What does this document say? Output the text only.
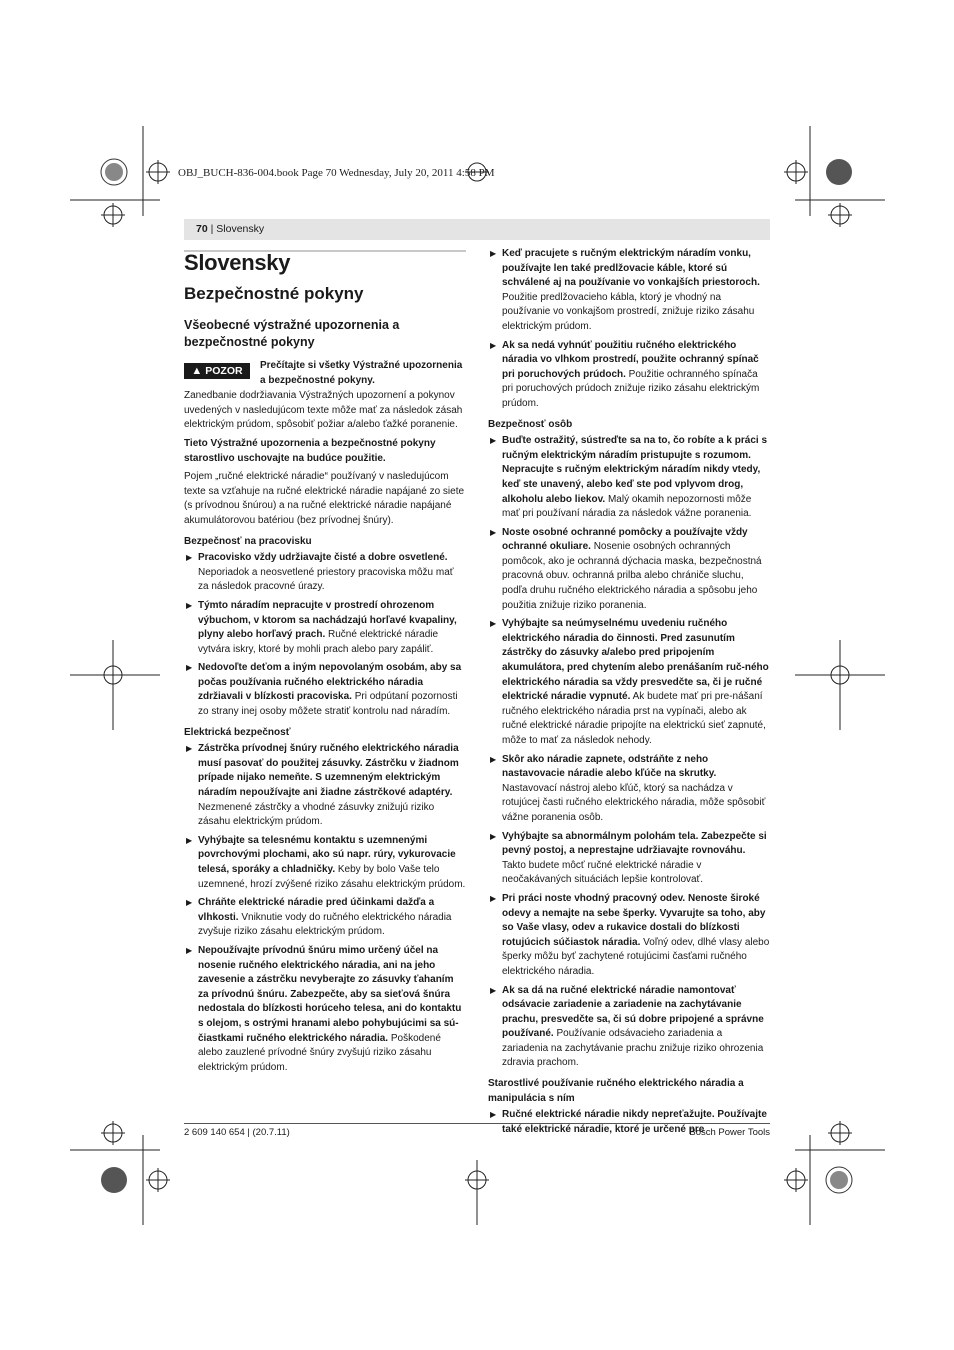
OBJ_BUCH-836-004.book Page 70 Wednesday, July 20, 2011 4:58 PM
70 | Slovensky
Slovensky
Bezpečnostné pokyny
Všeobecné výstražné upozornenia a bezpečnostné pokyny
▲ POZOR Prečítajte si všetky Výstražné upozornenia a bezpečnostné pokyny.

Zanedbanie dodržiavania Výstražných upozornení a pokynov uvedených v nasledujúcom texte môže mať za následok zásah elektrickým prúdom, spôsobiť požiar a/alebo ťažké poranenie.

Tieto Výstražné upozornenia a bezpečnostné pokyny starostlivo uschovajte na budúce použitie.

Pojem „ručné elektrické náradie“ používaný v nasledujúcom texte sa vzťahuje na ručné elektrické náradie napájané zo siete (s prívodnou šnúrou) a na ručné elektrické náradie napájané akumulátorovou batériou (bez prívodnej šnúry).

Bezpečnosť na pracovisku
▶ Pracovisko vždy udržiavajte čisté a dobre osvetlené. Neporiadok a neosvetlené priestory pracoviska môžu mať za následok pracovné úrazy.
▶ Týmto náradím nepracujte v prostredí ohrozenom výbuchom, v ktorom sa nachádzajú horľavé kvapaliny, plyny alebo horľavý prach. Ručné elektrické náradie vytvára iskry, ktoré by mohli prach alebo pary zapáliť.
▶ Nedovoľte deťom a iným nepovolaným osobám, aby sa počas používania ručného elektrického náradia zdržiavali v blízkosti pracoviska. Pri odpútaní pozornosti zo strany inej osoby môžete stratiť kontrolu nad náradím.
Elektrická bezpečnosť
▶ Zástrčka prívodnej šnúry ručného elektrického náradia musí pasovať do použitej zásuvky. Zástrčku v žiadnom prípade nijako nemeňte. S uzemneným elektrickým náradím nepoužívajte ani žiadne zástrčkové adaptéry. Nezmenené zástrčky a vhodné zásuvky znižujú riziko zásahu elektrickým prúdom.
▶ Vyhýbajte sa telesnému kontaktu s uzemnenými povrchovými plochami, ako sú napr. rúry, vykurovacie telesá, sporáky a chladničky. Keby by bolo Vaše telo uzemnené, hrozí zvýšené riziko zásahu elektrickým prúdom.
▶ Chráňte elektrické náradie pred účinkami dažďa a vlhkosti. Vniknutie vody do ručného elektrického náradia zvyšuje riziko zásahu elektrickým prúdom.
▶ Nepoužívajte prívodnú šnúru mimo určený účel na nosenie ručného elektrického náradia, ani na jeho zavesenie a zástrčku nevyberajte zo zásuvky ťahaním za prívodnú šnúru. Zabezpečte, aby sa sieťová šnúra nedostala do blízkosti horúceho telesa, ani do kontaktu s olejom, s ostrými hranami alebo pohybujúcimi sa sú-čiastkami ručného elektrického náradia. Poškodené alebo zauzlené prívodné šnúry zvyšujú riziko zásahu elektrickým prúdom.
▶ Keď pracujete s ručným elektrickým náradím vonku, používajte len také predlžovacie káble, ktoré sú schválené aj na používanie vo vonkajších priestoroch. Použitie predlžovacieho kábla, ktorý je vhodný na používanie vo vonkajšom prostredí, znižuje riziko zásahu elektrickým prúdom.
▶ Ak sa nedá vyhnúť použitiu ručného elektrického náradia vo vlhkom prostredí, použite ochranný spínač pri poruchových prúdoch. Použitie ochranného spínača pri poruchových prúdoch znižuje riziko zásahu elektrickým prúdom.
Bezpečnosť osôb
▶ Buďte ostražitý, sústreďte sa na to, čo robíte a k práci s ručným elektrickým náradím pristupujte s rozumom. Nepracujte s ručným elektrickým náradím nikdy vtedy, keď ste unavený, alebo keď ste pod vplyvom drog, alkoholu alebo liekov. Malý okamih nepozornosti môže mať pri používaní náradia za následok vážne poranenia.
▶ Noste osobné ochranné pomôcky a používajte vždy ochranné okuliare. Nosenie osobných ochranných pomôcok, ako je ochranná dýchacia maska, bezpečnostná pracovná obuv. ochranná prilba alebo chrániče sluchu, podľa druhu ručného elektrického náradia a spôsobu jeho použitia znižuje riziko poranenia.
▶ Vyhýbajte sa neúmyselnému uvedeniu ručného elektrického náradia do činnosti. Pred zasunutím zástrčky do zásuvky a/alebo pred pripojením akumulátora, pred chytením alebo prenášaním ruč-ného elektrického náradia sa vždy presvedčte sa, či je ručné elektrické náradie vypnuté. Ak budete mať pri pre-nášaní ručného elektrického náradia prst na vypínači, alebo ak ručné elektrické náradie pripojíte na elektrickú sieť zapnuté, môže to mať za následok nehody.
▶ Skôr ako náradie zapnete, odstráňte z neho nastavovacie náradie alebo kľúče na skrutky. Nastavovací nástroj alebo kľúč, ktorý sa nachádza v rotujúcej časti ručného elektrického náradia, môže spôsobiť vážne poranenia osôb.
▶ Vyhýbajte sa abnormálnym polohám tela. Zabezpečte si pevný postoj, a neprestajne udržiavajte rovnováhu. Takto budete môcť ručné elektrické náradie v neočakávaných situáciách lepšie kontrolovať.
▶ Pri práci noste vhodný pracovný odev. Nenoste široké odevy a nemajte na sebe šperky. Vyvarujte sa toho, aby so Vaše vlasy, odev a rukavice dostali do blízkosti rotujúcich súčiastok náradia. Voľný odev, dlhé vlasy alebo šperky môžu byť zachytené rotujúcimi časťami ručného elektrického náradia.
▶ Ak sa dá na ručné elektrické náradie namontovať odsávacie zariadenie a zariadenie na zachytávanie prachu, presvedčte sa, či sú dobre pripojené a správne používané. Používanie odsávacieho zariadenia a zariadenia na zachytávanie prachu znižuje riziko ohrozenia zdravia prachom.
Starostlivé používanie ručného elektrického náradia a manipulácia s ním
▶ Ručné elektrické náradie nikdy nepreťažujte. Používajte také elektrické náradie, ktoré je určené pre
2 609 140 654 | (20.7.11)	Bosch Power Tools
